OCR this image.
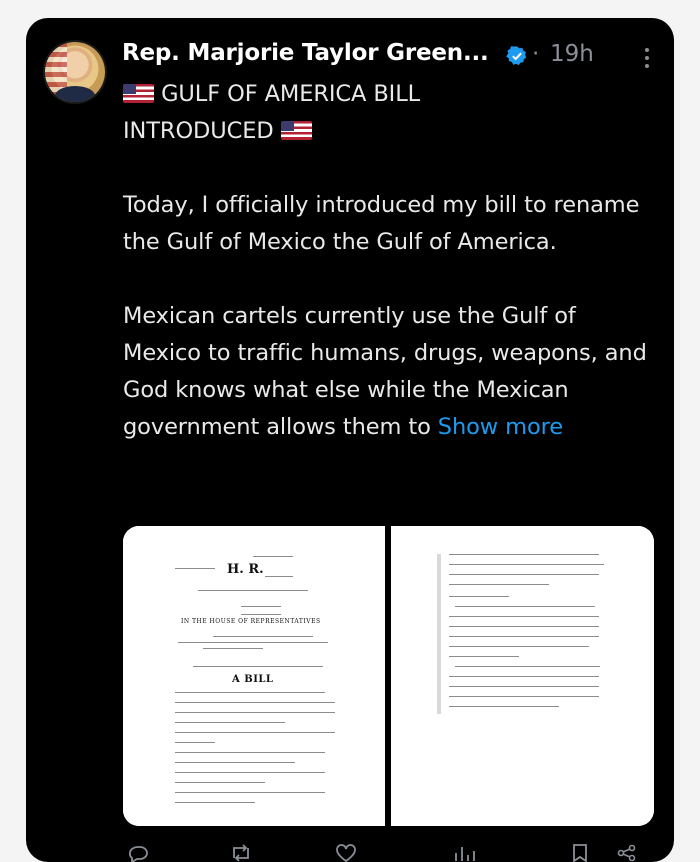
Rep. Marjorie Taylor Green... · 19h

GULF OF AMERICA BILL
INTRODUCED

Today, I officially introduced my bill to rename the Gulf of Mexico the Gulf of America.

Mexican cartels currently use the Gulf of Mexico to traffic humans, drugs, weapons, and God knows what else while the Mexican government allows them to Show more

H. R.
IN THE HOUSE OF REPRESENTATIVES
A BILL
